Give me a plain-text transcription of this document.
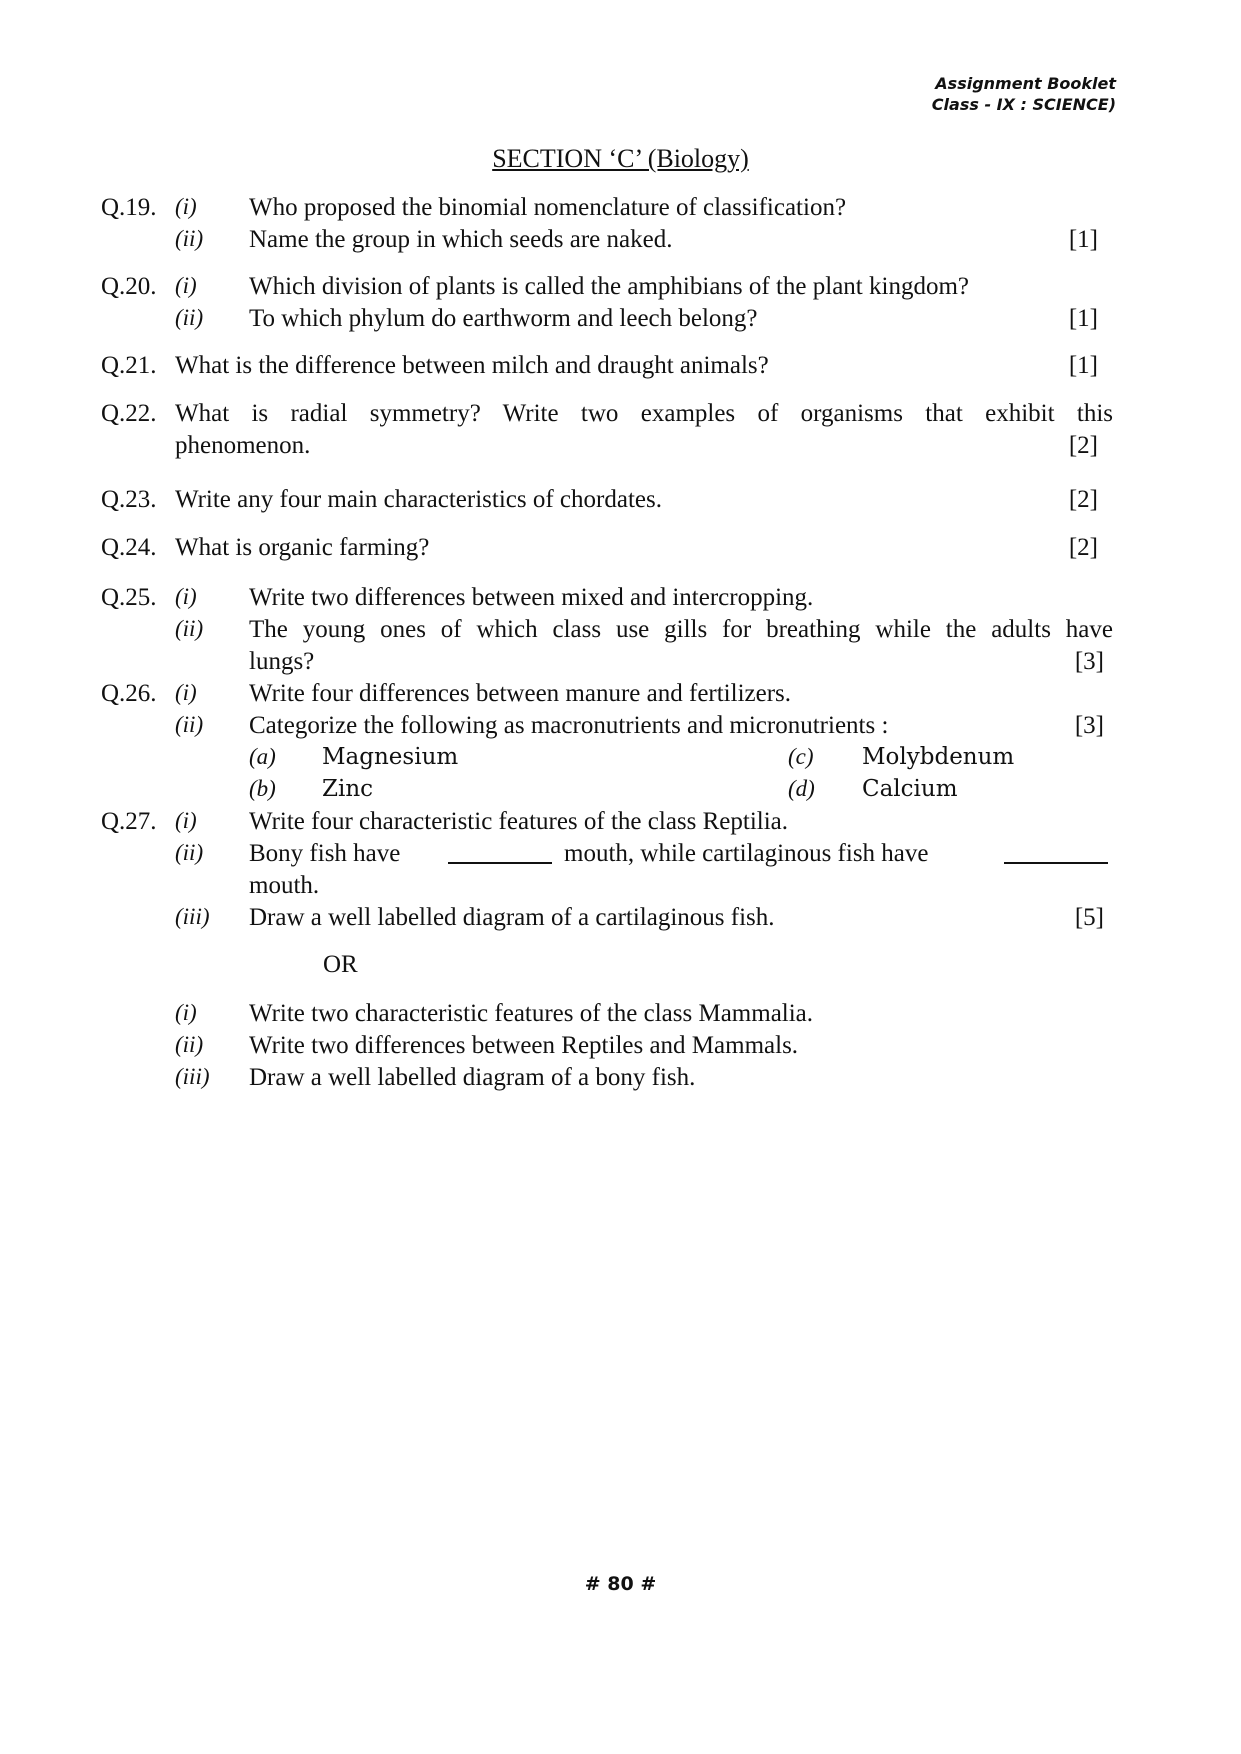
Assignment Booklet
Class - IX : SCIENCE)
SECTION ‘C’ (Biology)
Q.19. (i) Who proposed the binomial nomenclature of classification?
(ii) Name the group in which seeds are naked.	[1]
Q.20. (i) Which division of plants is called the amphibians of the plant kingdom?
(ii) To which phylum do earthworm and leech belong?	[1]
Q.21. What is the difference between milch and draught animals?	[1]
Q.22. What is radial symmetry? Write two examples of organisms that exhibit this
phenomenon.	[2]
Q.23. Write any four main characteristics of chordates.	[2]
Q.24. What is organic farming?	[2]
Q.25. (i) Write two differences between mixed and intercropping.
(ii) The young ones of which class use gills for breathing while the adults have
lungs?	[3]
Q.26. (i) Write four differences between manure and fertilizers.
(ii) Categorize the following as macronutrients and micronutrients :	[3]
(a) Magnesium	(c) Molybdenum
(b) Zinc	(d) Calcium
Q.27. (i) Write four characteristic features of the class Reptilia.
(ii) Bony fish have	mouth, while cartilaginous fish have
mouth.
(iii) Draw a well labelled diagram of a cartilaginous fish.	[5]
OR
(i) Write two characteristic features of the class Mammalia.
(ii) Write two differences between Reptiles and Mammals.
(iii) Draw a well labelled diagram of a bony fish.
# 80 #
